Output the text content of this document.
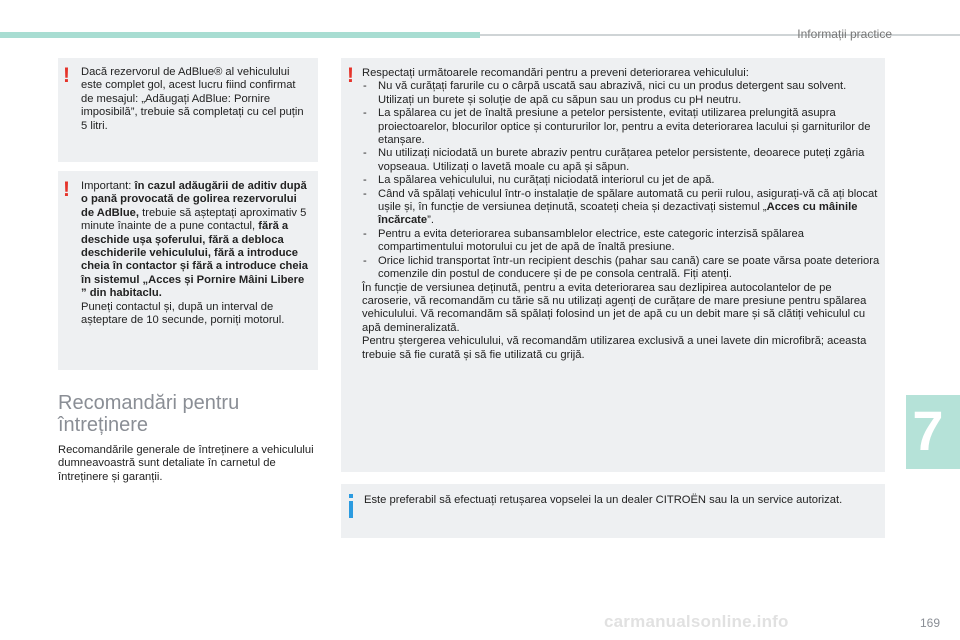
Informații practice
! Dacă rezervorul de AdBlue® al vehiculului este complet gol, acest lucru fiind confirmat de mesajul: „Adăugați AdBlue: Pornire imposibilă”, trebuie să completați cu cel puțin 5 litri.
! Important: în cazul adăugării de aditiv după o pană provocată de golirea rezervorului de AdBlue, trebuie să așteptați aproximativ 5 minute înainte de a pune contactul, fără a deschide ușa șoferului, fără a debloca deschiderile vehiculului, fără a introduce cheia în contactor și fără a introduce cheia în sistemul „Acces și Pornire Mâini Libere ” din habitaclu.
Puneți contactul și, după un interval de așteptare de 10 secunde, porniți motorul.
Recomandări pentru întreținere
Recomandările generale de întreținere a vehiculului dumneavoastră sunt detaliate în carnetul de întreținere și garanții.
! Respectați următoarele recomandări pentru a preveni deteriorarea vehiculului:

- Nu vă curățați farurile cu o cârpă uscată sau abrazivă, nici cu un produs detergent sau solvent. Utilizați un burete și soluție de apă cu săpun sau un produs cu pH neutru.
- La spălarea cu jet de înaltă presiune a petelor persistente, evitați utilizarea prelungită asupra proiectoarelor, blocurilor optice și contururilor lor, pentru a evita deteriorarea lacului și garniturilor de etanșare.
- Nu utilizați niciodată un burete abraziv pentru curățarea petelor persistente, deoarece puteți zgâria vopseaua. Utilizați o lavetă moale cu apă și săpun.
- La spălarea vehiculului, nu curățați niciodată interiorul cu jet de apă.
- Când vă spălați vehiculul într-o instalație de spălare automată cu perii rulou, asigurați-vă că ați blocat ușile și, în funcție de versiunea deținută, scoateți cheia și dezactivați sistemul „Acces cu mâinile încărcate”.
- Pentru a evita deteriorarea subansamblelor electrice, este categoric interzisă spălarea compartimentului motorului cu jet de apă de înaltă presiune.
- Orice lichid transportat într-un recipient deschis (pahar sau cană) care se poate vărsa poate deteriora comenzile din postul de conducere și de pe consola centrală. Fiți atenți.

În funcție de versiunea deținută, pentru a evita deteriorarea sau dezlipirea autocolantelor de pe caroserie, vă recomandăm cu tărie să nu utilizați agenți de curățare de mare presiune pentru spălarea vehiculului. Vă recomandăm să spălați folosind un jet de apă cu un debit mare și să clătiți vehiculul cu apă demineralizată.

Pentru ștergerea vehiculului, vă recomandăm utilizarea exclusivă a unei lavete din microfibră; aceasta trebuie să fie curată și să fie utilizată cu grijă.

Este preferabil să efectuați retușarea vopselei la un dealer CITROËN sau la un service autorizat.
7
carmanualsonline.info	169
